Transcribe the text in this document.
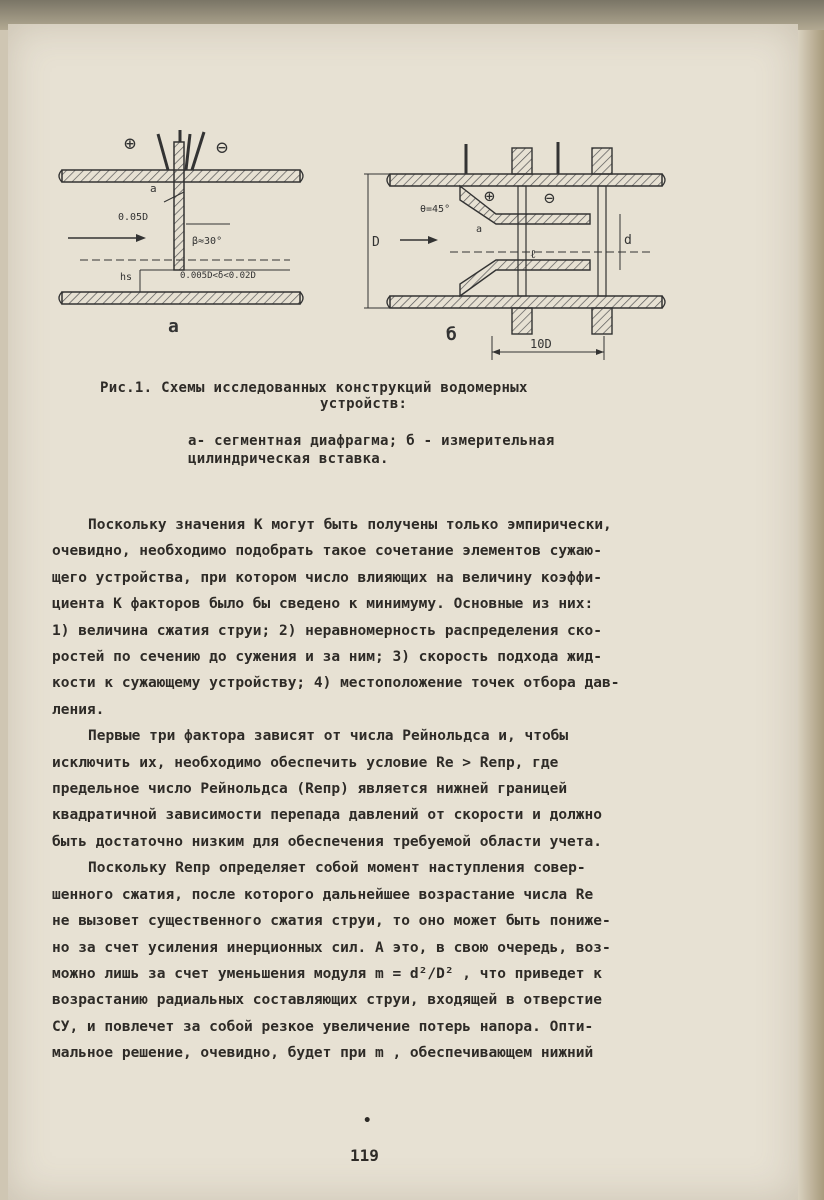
⊕	⊖
a
0.05D
β≈30°
hs	0.005D<δ<0.02D
а
⊕	⊖
θ=45°
D	d
ℓ
a
10D
б
Рис.1. Схемы исследованных конструкций водомерных
устройств:
а- сегментная диафрагма; б - измерительная
цилиндрическая вставка.
Поскольку значения К могут быть получены только эмпирически,
очевидно, необходимо подобрать такое сочетание элементов сужаю-
щего устройства, при котором число влияющих на величину коэффи-
циента K факторов было бы сведено к минимуму. Основные из них:
1) величина сжатия струи; 2) неравномерность распределения ско-
ростей по сечению до сужения и за ним; 3) скорость подхода жид-
кости к сужающему устройству; 4) местоположение точек отбора дав-
ления.
Первые три фактора зависят от числа Рейнольдса и, чтобы
исключить их, необходимо обеспечить условие Re > Reпр, где
предельное число Рейнольдса (Reпр) является нижней границей
квадратичной зависимости перепада давлений от скорости и должно
быть достаточно низким для обеспечения требуемой области учета.
Поскольку Reпр определяет собой момент наступления совер-
шенного сжатия, после которого дальнейшее возрастание числа Re
не вызовет существенного сжатия струи, то оно может быть пониже-
но за счет усиления инерционных сил. А это, в свою очередь, воз-
можно лишь за счет уменьшения модуля m = d²/D² , что приведет к
возрастанию радиальных составляющих струи, входящей в отверстие
СУ, и повлечет за собой резкое увеличение потерь напора. Опти-
мальное решение, очевидно, будет при m , обеспечивающем нижний
•
119
